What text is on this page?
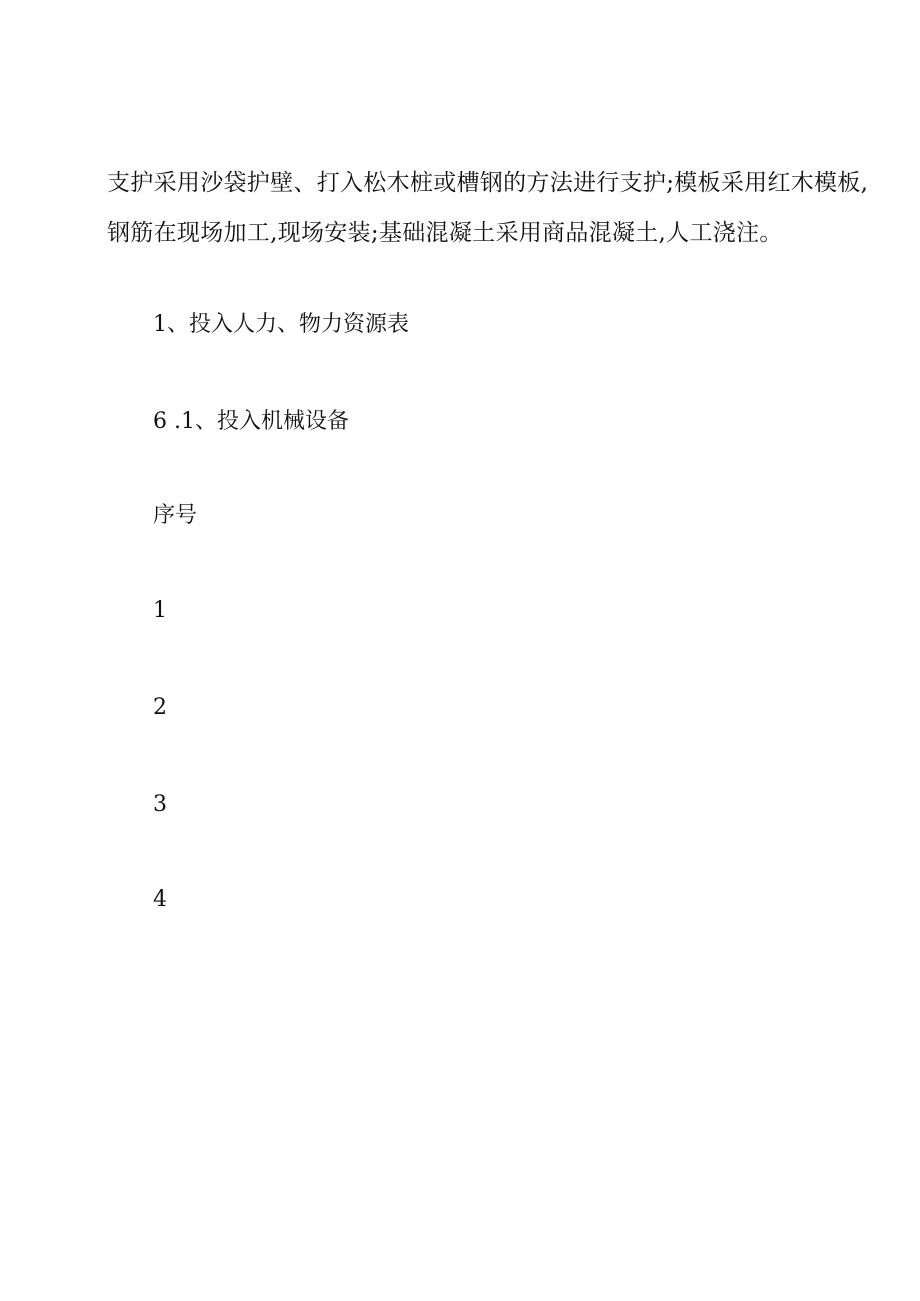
支护采用沙袋护壁、打入松木桩或槽钢的方法进行支护;模板采用红木模板,
钢筋在现场加工,现场安装;基础混凝土采用商品混凝土,人工浇注。
1、投入人力、物力资源表
6 .1、投入机械设备
序号
1
2
3
4
